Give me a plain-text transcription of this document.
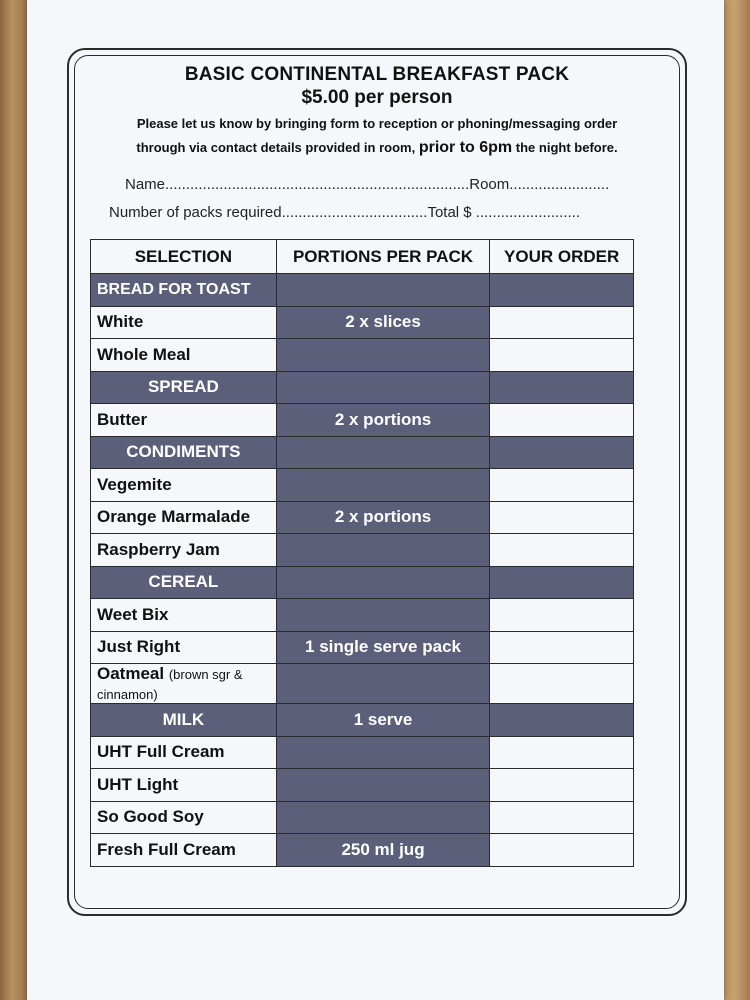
BASIC CONTINENTAL BREAKFAST PACK
$5.00 per person
Please let us know by bringing form to reception or phoning/messaging order
through via contact details provided in room, prior to 6pm the night before.
Name.........................................................................Room........................
Number of packs required...................................Total $ .........................
SELECTION	PORTIONS PER PACK	YOUR ORDER
BREAD FOR TOAST		
White	2 x slices	
Whole Meal		
SPREAD		
Butter	2 x portions	
CONDIMENTS		
Vegemite		
Orange Marmalade	2 x portions	
Raspberry Jam		
CEREAL		
Weet Bix		
Just Right	1 single serve pack	
Oatmeal (brown sgr & cinnamon)		
MILK	1 serve	
UHT Full Cream		
UHT Light		
So Good Soy		
Fresh Full Cream	250 ml jug	
